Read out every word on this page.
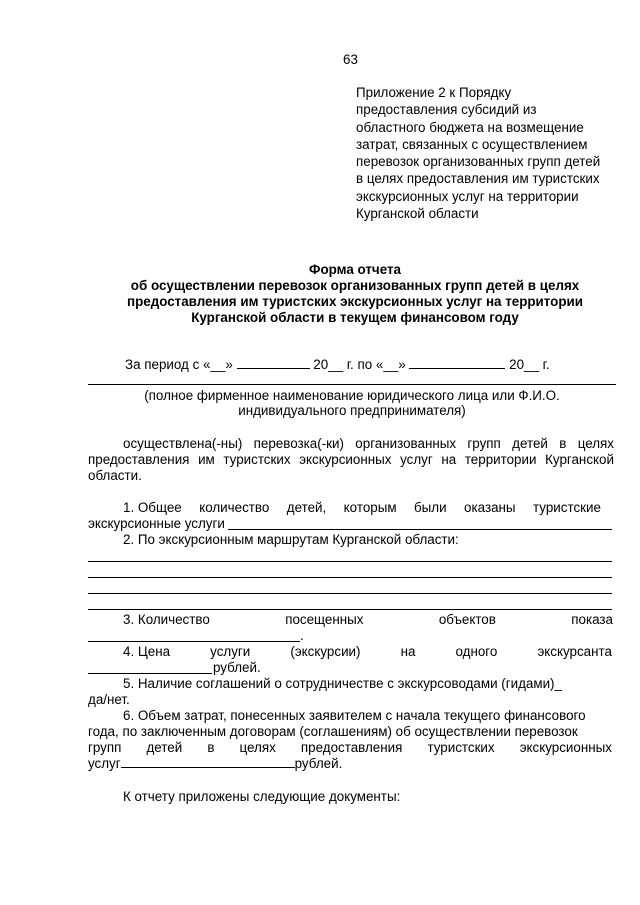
63
Приложение 2 к Порядку
предоставления субсидий из
областного бюджета на возмещение
затрат, связанных с осуществлением
перевозок организованных групп детей
в целях предоставления им туристских
экскурсионных услуг на территории
Курганской области
Форма отчета
об осуществлении перевозок организованных групп детей в целях
предоставления им туристских экскурсионных услуг на территории
Курганской области в текущем финансовом году
За период с «__»	20__ г. по «__»	20__ г.
(полное фирменное наименование юридического лица или Ф.И.О.
индивидуального предпринимателя)
осуществлена(-ны) перевозка(-ки) организованных групп детей в целях
предоставления им туристских экскурсионных услуг на территории Курганской
области.
1. Общее количество детей, которым были оказаны туристские
экскурсионные услуги
2. По экскурсионным маршрутам Курганской области:
3. Количество	посещенных	объектов	показа
.
4. Цена	услуги	(экскурсии)	на	одного	экскурсанта
рублей.
5. Наличие соглашений о сотрудничестве с экскурсоводами (гидами)_
да/нет.
6. Объем затрат, понесенных заявителем с начала текущего финансового
года, по заключенным договорам (соглашениям) об осуществлении перевозок
групп детей в целях предоставления туристских экскурсионных
услуг	рублей.
К отчету приложены следующие документы:
